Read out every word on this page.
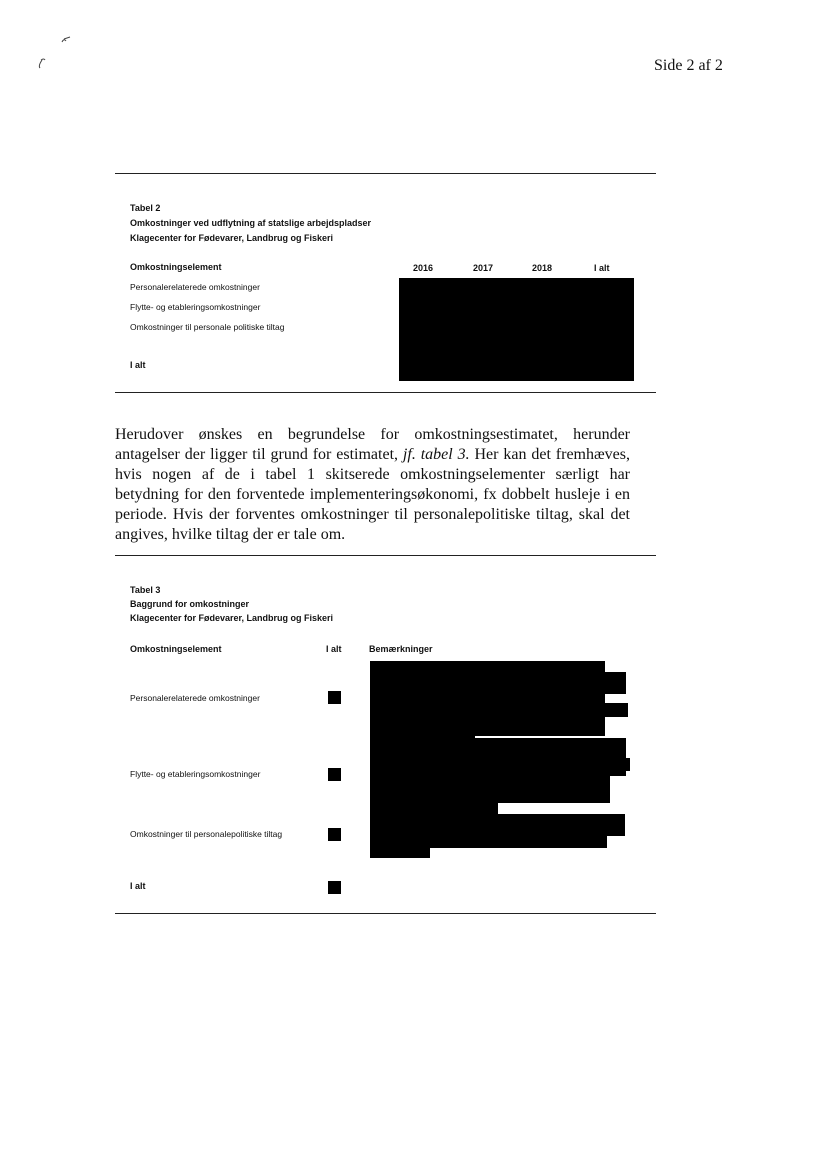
Side 2 af 2
Tabel 2
Omkostninger ved udflytning af statslige arbejdspladser
Klagecenter for Fødevarer, Landbrug og Fiskeri
Omkostningselement	2016	2017	2018	I alt
Personalerelaterede omkostninger
Flytte- og etableringsomkostninger
Omkostninger til personale politiske tiltag
I alt
Herudover ønskes en begrundelse for omkostningsestimatet, herunder antagelser der ligger til grund for estimatet, jf. tabel 3. Her kan det fremhæves, hvis nogen af de i tabel 1 skitserede omkostningselementer særligt har betydning for den forventede implementeringsøkonomi, fx dobbelt husleje i en periode. Hvis der forventes omkostninger til personalepolitiske tiltag, skal det angives, hvilke tiltag der er tale om.
Tabel 3
Baggrund for omkostninger
Klagecenter for Fødevarer, Landbrug og Fiskeri
Omkostningselement	I alt	Bemærkninger
Personalerelaterede omkostninger
Flytte- og etableringsomkostninger
Omkostninger til personalepolitiske tiltag
I alt
